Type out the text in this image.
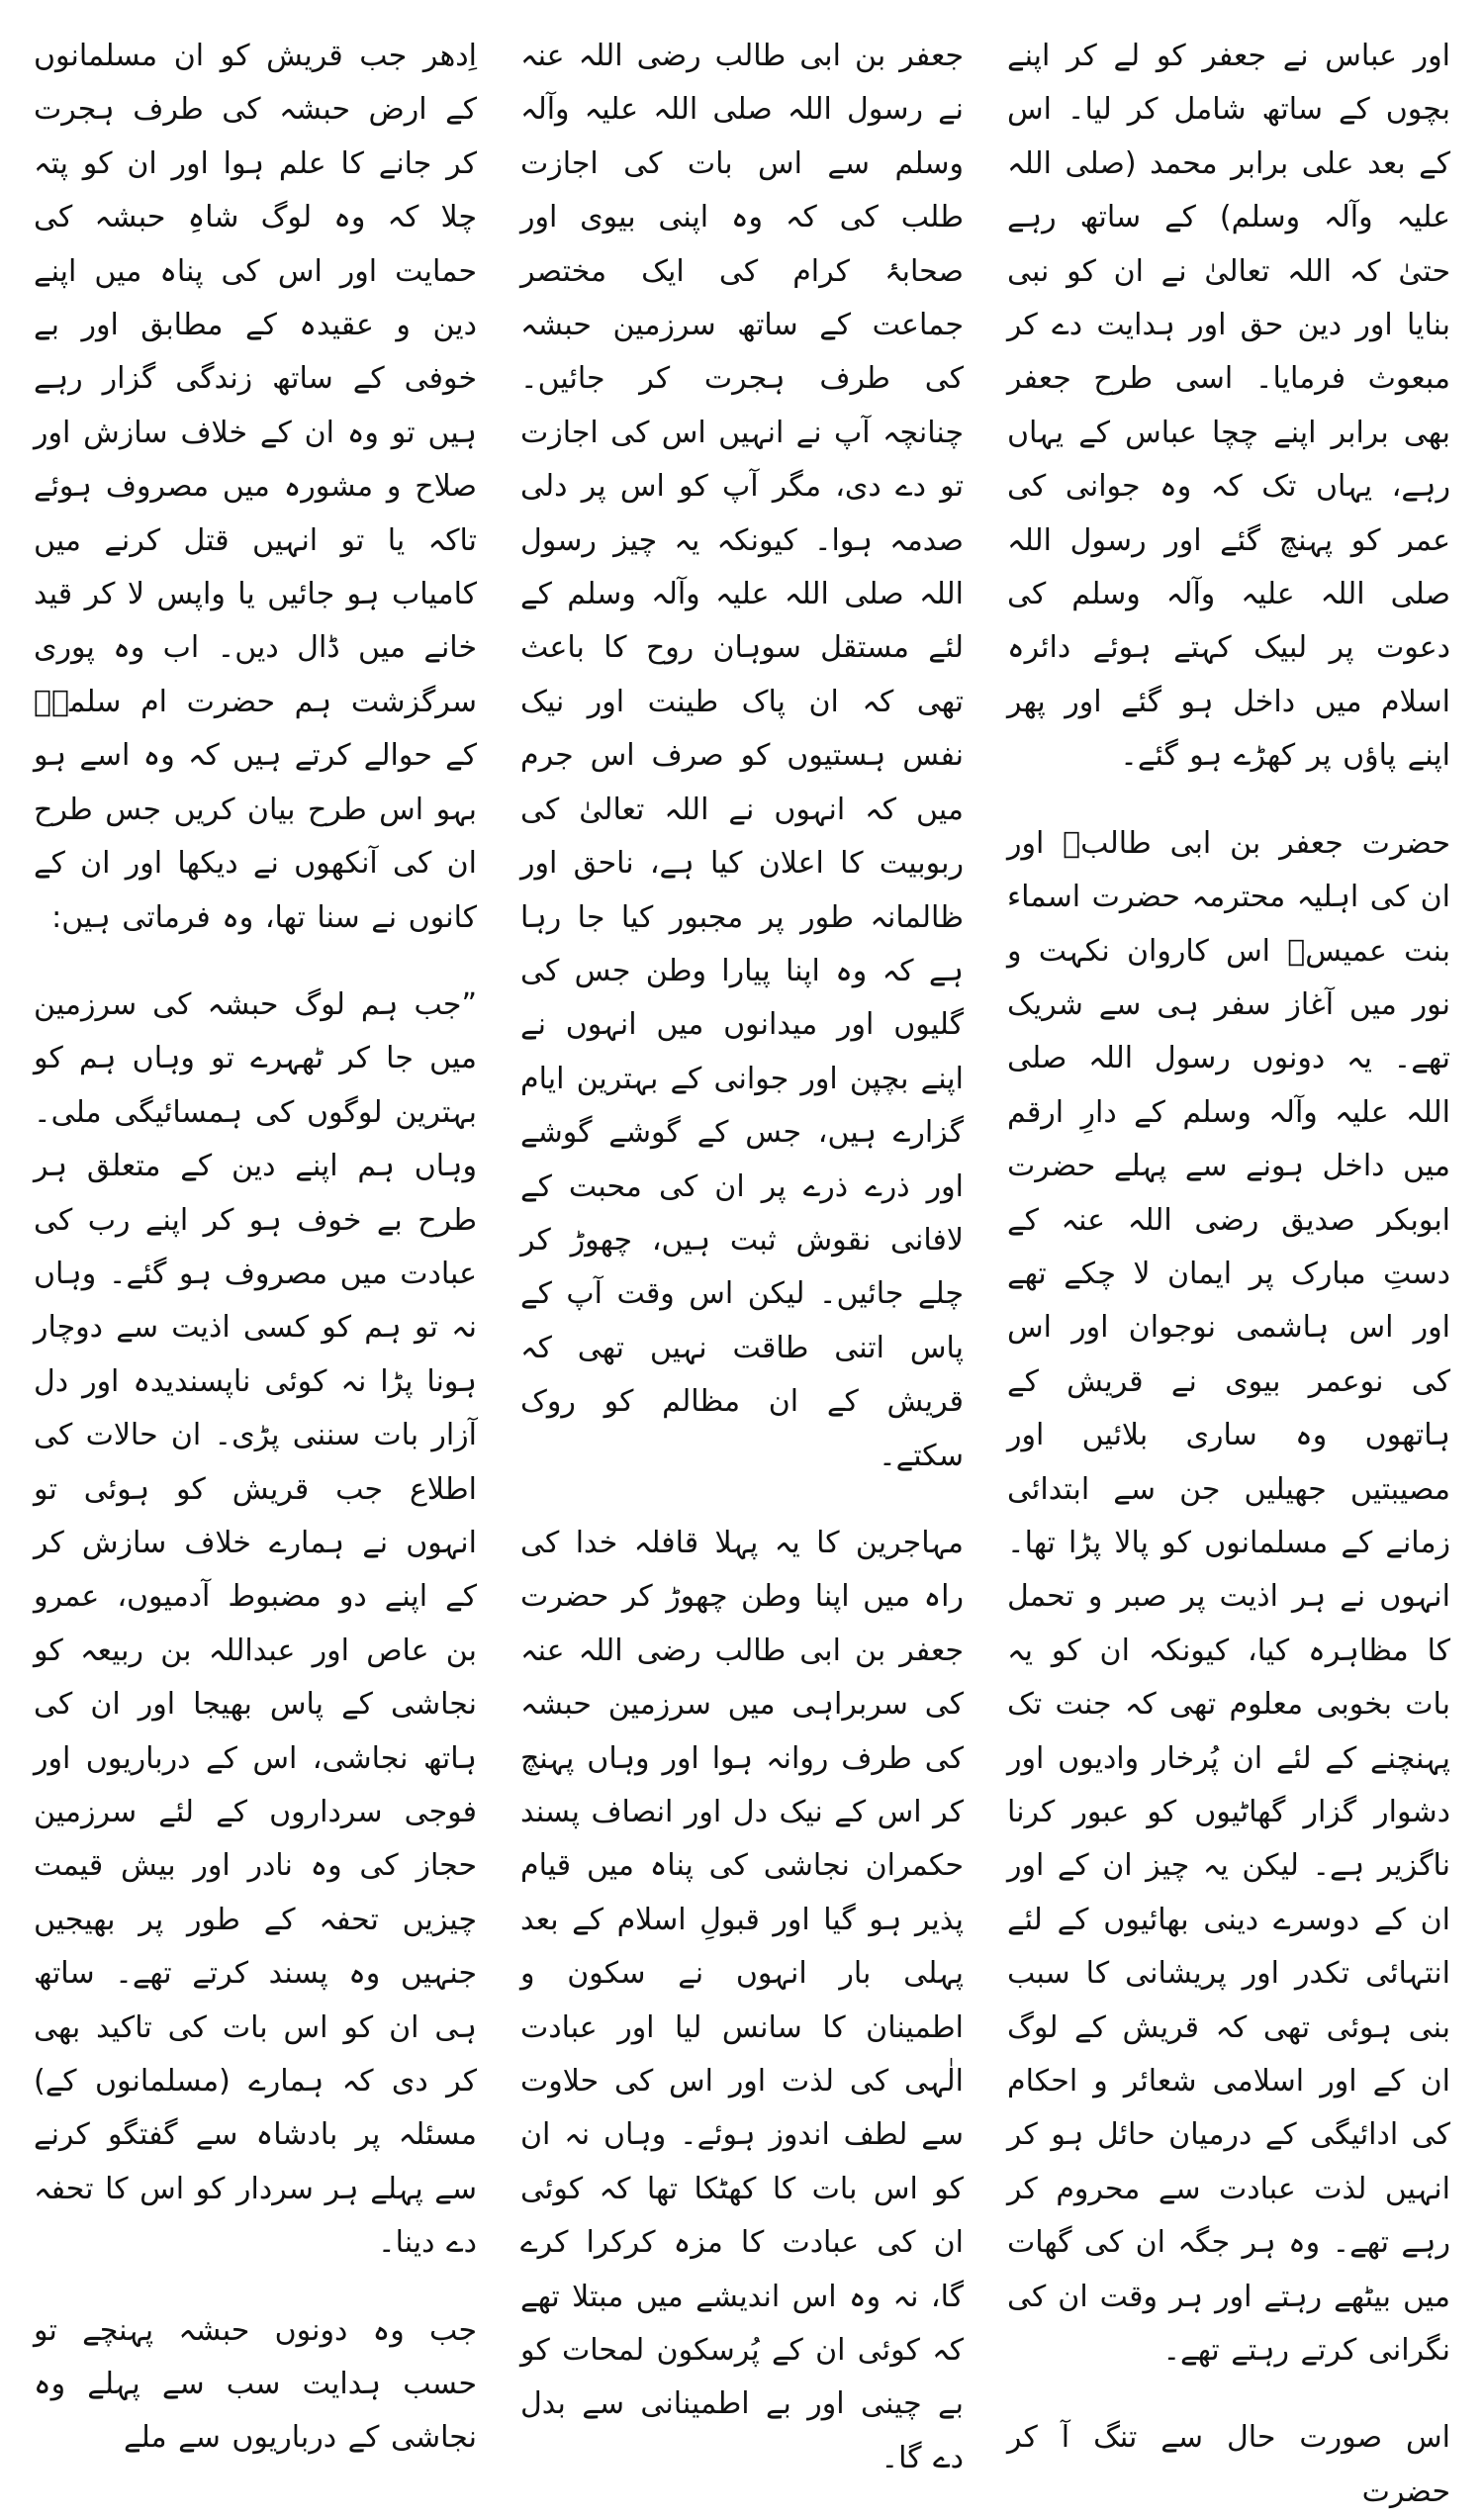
اور عباس نے جعفر کو لے کر اپنے بچوں کے ساتھ شامل کر لیا۔ اس کے بعد علی برابر محمد (صلی اللہ علیہ وآلہ وسلم) کے ساتھ رہے حتیٰ کہ اللہ تعالیٰ نے ان کو نبی بنایا اور دین حق اور ہدایت دے کر مبعوث فرمایا۔ اسی طرح جعفر بھی برابر اپنے چچا عباس کے یہاں رہے، یہاں تک کہ وہ جوانی کی عمر کو پہنچ گئے اور رسول اللہ صلی اللہ علیہ وآلہ وسلم کی دعوت پر لبیک کہتے ہوئے دائرہ اسلام میں داخل ہو گئے اور پھر اپنے پاؤں پر کھڑے ہو گئے۔

حضرت جعفر بن ابی طالبؓ اور ان کی اہلیہ محترمہ حضرت اسماء بنت عمیسؓ اس کاروان نکہت و نور میں آغاز سفر ہی سے شریک تھے۔ یہ دونوں رسول اللہ صلی اللہ علیہ وآلہ وسلم کے دارِ ارقم میں داخل ہونے سے پہلے حضرت ابوبکر صدیق رضی اللہ عنہ کے دستِ مبارک پر ایمان لا چکے تھے اور اس ہاشمی نوجوان اور اس کی نوعمر بیوی نے قریش کے ہاتھوں وہ ساری بلائیں اور مصیبتیں جھیلیں جن سے ابتدائی زمانے کے مسلمانوں کو پالا پڑا تھا۔ انہوں نے ہر اذیت پر صبر و تحمل کا مظاہرہ کیا، کیونکہ ان کو یہ بات بخوبی معلوم تھی کہ جنت تک پہنچنے کے لئے ان پُرخار وادیوں اور دشوار گزار گھاٹیوں کو عبور کرنا ناگزیر ہے۔ لیکن یہ چیز ان کے اور ان کے دوسرے دینی بھائیوں کے لئے انتہائی تکدر اور پریشانی کا سبب بنی ہوئی تھی کہ قریش کے لوگ ان کے اور اسلامی شعائر و احکام کی ادائیگی کے درمیان حائل ہو کر انہیں لذت عبادت سے محروم کر رہے تھے۔ وہ ہر جگہ ان کی گھات میں بیٹھے رہتے اور ہر وقت ان کی نگرانی کرتے رہتے تھے۔

اس صورت حال سے تنگ آ کر حضرت

جعفر بن ابی طالب رضی اللہ عنہ نے رسول اللہ صلی اللہ علیہ وآلہ وسلم سے اس بات کی اجازت طلب کی کہ وہ اپنی بیوی اور صحابۂ کرام کی ایک مختصر جماعت کے ساتھ سرزمین حبشہ کی طرف ہجرت کر جائیں۔ چنانچہ آپ نے انہیں اس کی اجازت تو دے دی، مگر آپ کو اس پر دلی صدمہ ہوا۔ کیونکہ یہ چیز رسول اللہ صلی اللہ علیہ وآلہ وسلم کے لئے مستقل سوہان روح کا باعث تھی کہ ان پاک طینت اور نیک نفس ہستیوں کو صرف اس جرم میں کہ انہوں نے اللہ تعالیٰ کی ربوبیت کا اعلان کیا ہے، ناحق اور ظالمانہ طور پر مجبور کیا جا رہا ہے کہ وہ اپنا پیارا وطن جس کی گلیوں اور میدانوں میں انہوں نے اپنے بچپن اور جوانی کے بہترین ایام گزارے ہیں، جس کے گوشے گوشے اور ذرے ذرے پر ان کی محبت کے لافانی نقوش ثبت ہیں، چھوڑ کر چلے جائیں۔ لیکن اس وقت آپ کے پاس اتنی طاقت نہیں تھی کہ قریش کے ان مظالم کو روک سکتے۔

مہاجرین کا یہ پہلا قافلہ خدا کی راہ میں اپنا وطن چھوڑ کر حضرت جعفر بن ابی طالب رضی اللہ عنہ کی سربراہی میں سرزمین حبشہ کی طرف روانہ ہوا اور وہاں پہنچ کر اس کے نیک دل اور انصاف پسند حکمران نجاشی کی پناہ میں قیام پذیر ہو گیا اور قبولِ اسلام کے بعد پہلی بار انہوں نے سکون و اطمینان کا سانس لیا اور عبادت الٰہی کی لذت اور اس کی حلاوت سے لطف اندوز ہوئے۔ وہاں نہ ان کو اس بات کا کھٹکا تھا کہ کوئی ان کی عبادت کا مزہ کرکرا کرے گا، نہ وہ اس اندیشے میں مبتلا تھے کہ کوئی ان کے پُرسکون لمحات کو بے چینی اور بے اطمینانی سے بدل دے گا۔

اِدھر جب قریش کو ان مسلمانوں کے ارض حبشہ کی طرف ہجرت کر جانے کا علم ہوا اور ان کو پتہ چلا کہ وہ لوگ شاہِ حبشہ کی حمایت اور اس کی پناہ میں اپنے دین و عقیدہ کے مطابق اور بے خوفی کے ساتھ زندگی گزار رہے ہیں تو وہ ان کے خلاف سازش اور صلاح و مشورہ میں مصروف ہوئے تاکہ یا تو انہیں قتل کرنے میں کامیاب ہو جائیں یا واپس لا کر قید خانے میں ڈال دیں۔ اب وہ پوری سرگزشت ہم حضرت ام سلمہؓ کے حوالے کرتے ہیں کہ وہ اسے ہو بہو اس طرح بیان کریں جس طرح ان کی آنکھوں نے دیکھا اور ان کے کانوں نے سنا تھا، وہ فرماتی ہیں:

”جب ہم لوگ حبشہ کی سرزمین میں جا کر ٹھہرے تو وہاں ہم کو بہترین لوگوں کی ہمسائیگی ملی۔ وہاں ہم اپنے دین کے متعلق ہر طرح بے خوف ہو کر اپنے رب کی عبادت میں مصروف ہو گئے۔ وہاں نہ تو ہم کو کسی اذیت سے دوچار ہونا پڑا نہ کوئی ناپسندیدہ اور دل آزار بات سننی پڑی۔ ان حالات کی اطلاع جب قریش کو ہوئی تو انہوں نے ہمارے خلاف سازش کر کے اپنے دو مضبوط آدمیوں، عمرو بن عاص اور عبداللہ بن ربیعہ کو نجاشی کے پاس بھیجا اور ان کی ہاتھ نجاشی، اس کے درباریوں اور فوجی سرداروں کے لئے سرزمین حجاز کی وہ نادر اور بیش قیمت چیزیں تحفہ کے طور پر بھیجیں جنہیں وہ پسند کرتے تھے۔ ساتھ ہی ان کو اس بات کی تاکید بھی کر دی کہ ہمارے (مسلمانوں کے) مسئلہ پر بادشاہ سے گفتگو کرنے سے پہلے ہر سردار کو اس کا تحفہ دے دینا۔

جب وہ دونوں حبشہ پہنچے تو حسب ہدایت سب سے پہلے وہ نجاشی کے درباریوں سے ملے
